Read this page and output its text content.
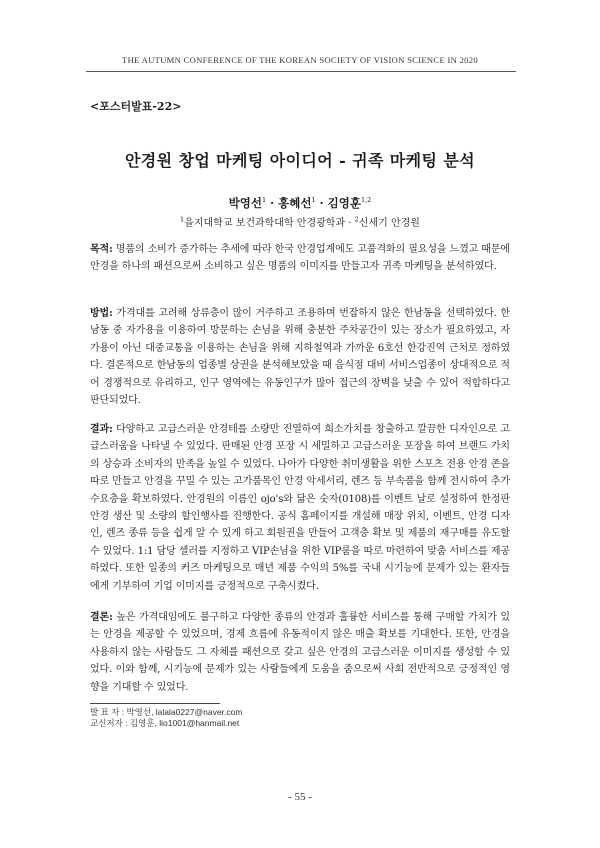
THE AUTUMN CONFERENCE OF THE KOREAN SOCIETY OF VISION SCIENCE IN 2020
<포스터발표-22>
안경원 창업 마케팅 아이디어 - 귀족 마케팅 분석
박영선$^1$ · 홍혜선$^1$ · 김영훈$^{1,2}$
$^1$을지대학교 보건과학대학 안경광학과 · $^2$신세기 안경원

목적: 명품의 소비가 증가하는 추세에 따라 한국 안경업계에도 고품격화의 필요성을 느꼈고 때문에 안경을 하나의 패션으로써 소비하고 싶은 명품의 이미지를 만들고자 귀족 마케팅을 분석하였다.

방법: 가격대를 고려해 상류층이 많이 거주하고 조용하며 번잡하지 않은 한남동을 선택하였다. 한남동 중 자가용을 이용하여 방문하는 손님을 위해 충분한 주차공간이 있는 장소가 필요하였고, 자가용이 아닌 대중교통을 이용하는 손님을 위해 지하철역과 가까운 6호선 한강진역 근처로 정하였다. 결론적으로 한남동의 업종별 상권을 분석해보았을 때 음식점 대비 서비스업종이 상대적으로 적어 경쟁적으로 유리하고, 인구 영역에는 유동인구가 많아 접근의 장벽을 낮출 수 있어 적합하다고 판단되었다.

결과: 다양하고 고급스러운 안경테를 소량만 진열하여 희소가치를 창출하고 깔끔한 디자인으로 고급스러움을 나타낼 수 있었다. 판매된 안경 포장 시 세밀하고 고급스러운 포장을 하여 브랜드 가치의 상승과 소비자의 만족을 높일 수 있었다. 나아가 다양한 취미생활을 위한 스포츠 전용 안경 존을 따로 만들고 안경을 꾸밀 수 있는 고가품목인 안경 악세서리, 렌즈 등 부속품을 함께 전시하여 추가 수요층을 확보하였다. 안경원의 이름인 ojo's와 닮은 숫자(0108)를 이벤트 날로 설정하여 한정판 안경 생산 및 소량의 할인행사를 진행한다. 공식 홈페이지를 개설해 매장 위치, 이벤트, 안경 디자인, 렌즈 종류 등을 쉽게 알 수 있게 하고 회원권을 만들어 고객층 확보 및 제품의 재구매를 유도할 수 있었다. 1:1 담당 셀러를 지정하고 VIP손님을 위한 VIP룸을 따로 마련하여 맞춤 서비스를 제공하였다. 또한 일종의 커즈 마케팅으로 매년 제품 수익의 5%를 국내 시기능에 문제가 있는 환자들에게 기부하여 기업 이미지를 긍정적으로 구축시켰다.

결론: 높은 가격대임에도 불구하고 다양한 종류의 안경과 훌륭한 서비스를 통해 구매할 가치가 있는 안경을 제공할 수 있었으며, 경제 흐름에 유동적이지 않은 매출 확보를 기대한다. 또한, 안경을 사용하지 않는 사람들도 그 자체를 패션으로 갖고 싶은 안경의 고급스러운 이미지를 생성할 수 있었다. 이와 함께, 시기능에 문제가 있는 사람들에게 도움을 줌으로써 사회 전반적으로 긍정적인 영향을 기대할 수 있었다.

발 표 자 : 박영선, lalala0227@naver.com
교신저자 : 김영훈, lio1001@hanmail.net
- 55 -
